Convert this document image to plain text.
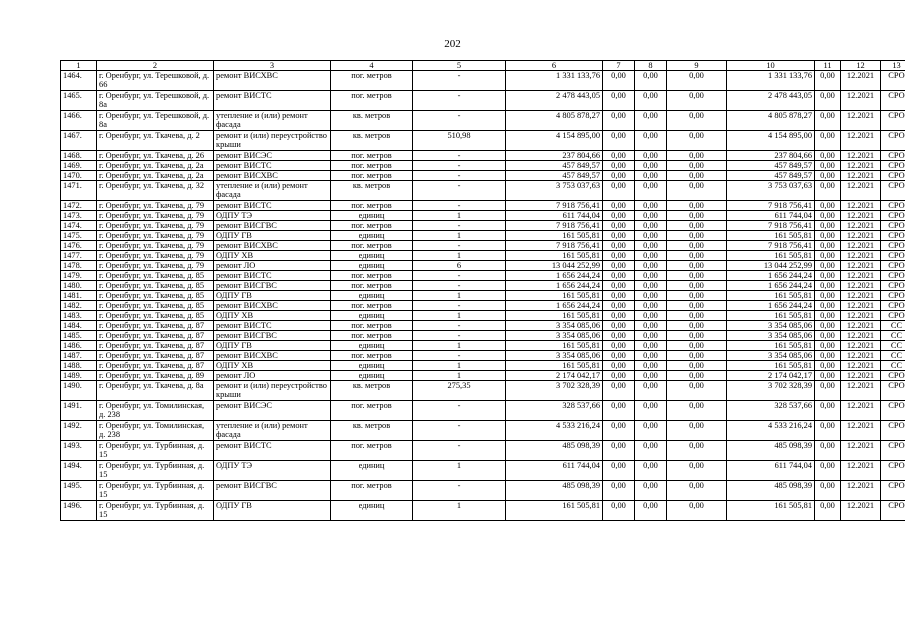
202
1	2	3	4	5	6	7	8	9	10	11	12	13
1464.	г. Оренбург, ул. Терешковой, д. 66	ремонт ВИСХВС	пог. метров	-	1 331 133,76	0,00	0,00	0,00	1 331 133,76	0,00	12.2021	СРО
1465.	г. Оренбург, ул. Терешковой, д. 8а	ремонт ВИСТС	пог. метров	-	2 478 443,05	0,00	0,00	0,00	2 478 443,05	0,00	12.2021	СРО
1466.	г. Оренбург, ул. Терешковой, д. 8а	утепление и (или) ремонт фасада	кв. метров	-	4 805 878,27	0,00	0,00	0,00	4 805 878,27	0,00	12.2021	СРО
1467.	г. Оренбург, ул. Ткачева, д. 2	ремонт и (или) переустройство крыши	кв. метров	510,98	4 154 895,00	0,00	0,00	0,00	4 154 895,00	0,00	12.2021	СРО
1468.	г. Оренбург, ул. Ткачева, д. 26	ремонт ВИСЭС	пог. метров	-	237 804,66	0,00	0,00	0,00	237 804,66	0,00	12.2021	СРО
1469.	г. Оренбург, ул. Ткачева, д. 2а	ремонт ВИСТС	пог. метров	-	457 849,57	0,00	0,00	0,00	457 849,57	0,00	12.2021	СРО
1470.	г. Оренбург, ул. Ткачева, д. 2а	ремонт ВИСХВС	пог. метров	-	457 849,57	0,00	0,00	0,00	457 849,57	0,00	12.2021	СРО
1471.	г. Оренбург, ул. Ткачева, д. 32	утепление и (или) ремонт фасада	кв. метров	-	3 753 037,63	0,00	0,00	0,00	3 753 037,63	0,00	12.2021	СРО
1472.	г. Оренбург, ул. Ткачева, д. 79	ремонт ВИСТС	пог. метров	-	7 918 756,41	0,00	0,00	0,00	7 918 756,41	0,00	12.2021	СРО
1473.	г. Оренбург, ул. Ткачева, д. 79	ОДПУ ТЭ	единиц	1	611 744,04	0,00	0,00	0,00	611 744,04	0,00	12.2021	СРО
1474.	г. Оренбург, ул. Ткачева, д. 79	ремонт ВИСГВС	пог. метров	-	7 918 756,41	0,00	0,00	0,00	7 918 756,41	0,00	12.2021	СРО
1475.	г. Оренбург, ул. Ткачева, д. 79	ОДПУ ГВ	единиц	1	161 505,81	0,00	0,00	0,00	161 505,81	0,00	12.2021	СРО
1476.	г. Оренбург, ул. Ткачева, д. 79	ремонт ВИСХВС	пог. метров	-	7 918 756,41	0,00	0,00	0,00	7 918 756,41	0,00	12.2021	СРО
1477.	г. Оренбург, ул. Ткачева, д. 79	ОДПУ ХВ	единиц	1	161 505,81	0,00	0,00	0,00	161 505,81	0,00	12.2021	СРО
1478.	г. Оренбург, ул. Ткачева, д. 79	ремонт ЛО	единиц	6	13 044 252,99	0,00	0,00	0,00	13 044 252,99	0,00	12.2021	СРО
1479.	г. Оренбург, ул. Ткачева, д. 85	ремонт ВИСТС	пог. метров	-	1 656 244,24	0,00	0,00	0,00	1 656 244,24	0,00	12.2021	СРО
1480.	г. Оренбург, ул. Ткачева, д. 85	ремонт ВИСГВС	пог. метров	-	1 656 244,24	0,00	0,00	0,00	1 656 244,24	0,00	12.2021	СРО
1481.	г. Оренбург, ул. Ткачева, д. 85	ОДПУ ГВ	единиц	1	161 505,81	0,00	0,00	0,00	161 505,81	0,00	12.2021	СРО
1482.	г. Оренбург, ул. Ткачева, д. 85	ремонт ВИСХВС	пог. метров	-	1 656 244,24	0,00	0,00	0,00	1 656 244,24	0,00	12.2021	СРО
1483.	г. Оренбург, ул. Ткачева, д. 85	ОДПУ ХВ	единиц	1	161 505,81	0,00	0,00	0,00	161 505,81	0,00	12.2021	СРО
1484.	г. Оренбург, ул. Ткачева, д. 87	ремонт ВИСТС	пог. метров	-	3 354 085,06	0,00	0,00	0,00	3 354 085,06	0,00	12.2021	СС
1485.	г. Оренбург, ул. Ткачева, д. 87	ремонт ВИСГВС	пог. метров	-	3 354 085,06	0,00	0,00	0,00	3 354 085,06	0,00	12.2021	СС
1486.	г. Оренбург, ул. Ткачева, д. 87	ОДПУ ГВ	единиц	1	161 505,81	0,00	0,00	0,00	161 505,81	0,00	12.2021	СС
1487.	г. Оренбург, ул. Ткачева, д. 87	ремонт ВИСХВС	пог. метров	-	3 354 085,06	0,00	0,00	0,00	3 354 085,06	0,00	12.2021	СС
1488.	г. Оренбург, ул. Ткачева, д. 87	ОДПУ ХВ	единиц	1	161 505,81	0,00	0,00	0,00	161 505,81	0,00	12.2021	СС
1489.	г. Оренбург, ул. Ткачева, д. 89	ремонт ЛО	единиц	1	2 174 042,17	0,00	0,00	0,00	2 174 042,17	0,00	12.2021	СРО
1490.	г. Оренбург, ул. Ткачева, д. 8а	ремонт и (или) переустройство крыши	кв. метров	275,35	3 702 328,39	0,00	0,00	0,00	3 702 328,39	0,00	12.2021	СРО
1491.	г. Оренбург, ул. Томилинская, д. 238	ремонт ВИСЭС	пог. метров	-	328 537,66	0,00	0,00	0,00	328 537,66	0,00	12.2021	СРО
1492.	г. Оренбург, ул. Томилинская, д. 238	утепление и (или) ремонт фасада	кв. метров	-	4 533 216,24	0,00	0,00	0,00	4 533 216,24	0,00	12.2021	СРО
1493.	г. Оренбург, ул. Турбинная, д. 15	ремонт ВИСТС	пог. метров	-	485 098,39	0,00	0,00	0,00	485 098,39	0,00	12.2021	СРО
1494.	г. Оренбург, ул. Турбинная, д. 15	ОДПУ ТЭ	единиц	1	611 744,04	0,00	0,00	0,00	611 744,04	0,00	12.2021	СРО
1495.	г. Оренбург, ул. Турбинная, д. 15	ремонт ВИСГВС	пог. метров	-	485 098,39	0,00	0,00	0,00	485 098,39	0,00	12.2021	СРО
1496.	г. Оренбург, ул. Турбинная, д. 15	ОДПУ ГВ	единиц	1	161 505,81	0,00	0,00	0,00	161 505,81	0,00	12.2021	СРО
